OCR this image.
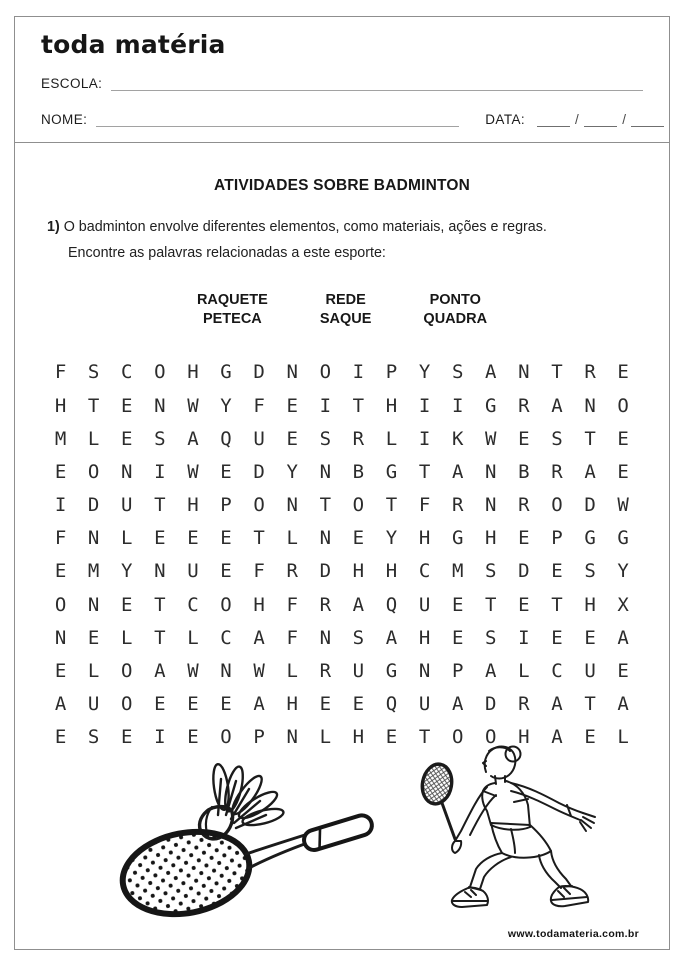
toda matéria
ESCOLA:
NOME:	DATA:	/	/
ATIVIDADES SOBRE BADMINTON
1) O badminton envolve diferentes elementos, como materiais, ações e regras.
Encontre as palavras relacionadas a este esporte:
RAQUETE
PETECA
REDE
SAQUE
PONTO
QUADRA
F	S	C	O	H	G	D	N	O	I	P	Y	S	A	N	T	R	E
H	T	E	N	W	Y	F	E	I	T	H	I	I	G	R	A	N	O
M	L	E	S	A	Q	U	E	S	R	L	I	K	W	E	S	T	E
E	O	N	I	W	E	D	Y	N	B	G	T	A	N	B	R	A	E
I	D	U	T	H	P	O	N	T	O	T	F	R	N	R	O	D	W
F	N	L	E	E	E	T	L	N	E	Y	H	G	H	E	P	G	G
E	M	Y	N	U	E	F	R	D	H	H	C	M	S	D	E	S	Y
O	N	E	T	C	O	H	F	R	A	Q	U	E	T	E	T	H	X
N	E	L	T	L	C	A	F	N	S	A	H	E	S	I	E	E	A
E	L	O	A	W	N	W	L	R	U	G	N	P	A	L	C	U	E
A	U	O	E	E	E	A	H	E	E	Q	U	A	D	R	A	T	A
E	S	E	I	E	O	P	N	L	H	E	T	O	O	H	A	E	L
www.todamateria.com.br
